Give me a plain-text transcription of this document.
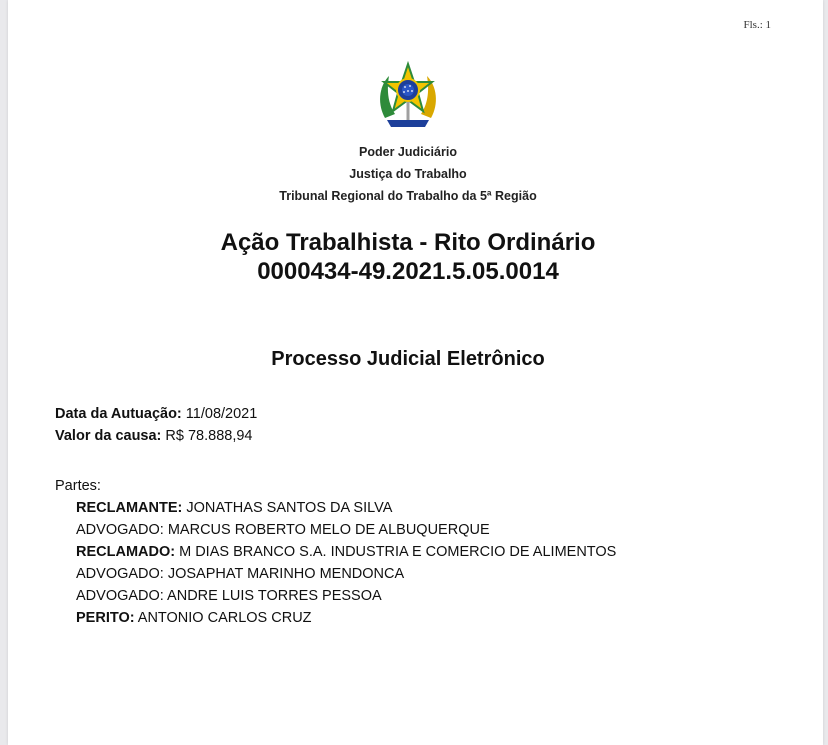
Fls.: 1
Poder Judiciário
Justiça do Trabalho
Tribunal Regional do Trabalho da 5ª Região
Ação Trabalhista - Rito Ordinário
0000434-49.2021.5.05.0014
Processo Judicial Eletrônico
Data da Autuação: 11/08/2021
Valor da causa: R$ 78.888,94
Partes:
RECLAMANTE: JONATHAS SANTOS DA SILVA
ADVOGADO: MARCUS ROBERTO MELO DE ALBUQUERQUE
RECLAMADO: M DIAS BRANCO S.A. INDUSTRIA E COMERCIO DE ALIMENTOS
ADVOGADO: JOSAPHAT MARINHO MENDONCA
ADVOGADO: ANDRE LUIS TORRES PESSOA
PERITO: ANTONIO CARLOS CRUZ
